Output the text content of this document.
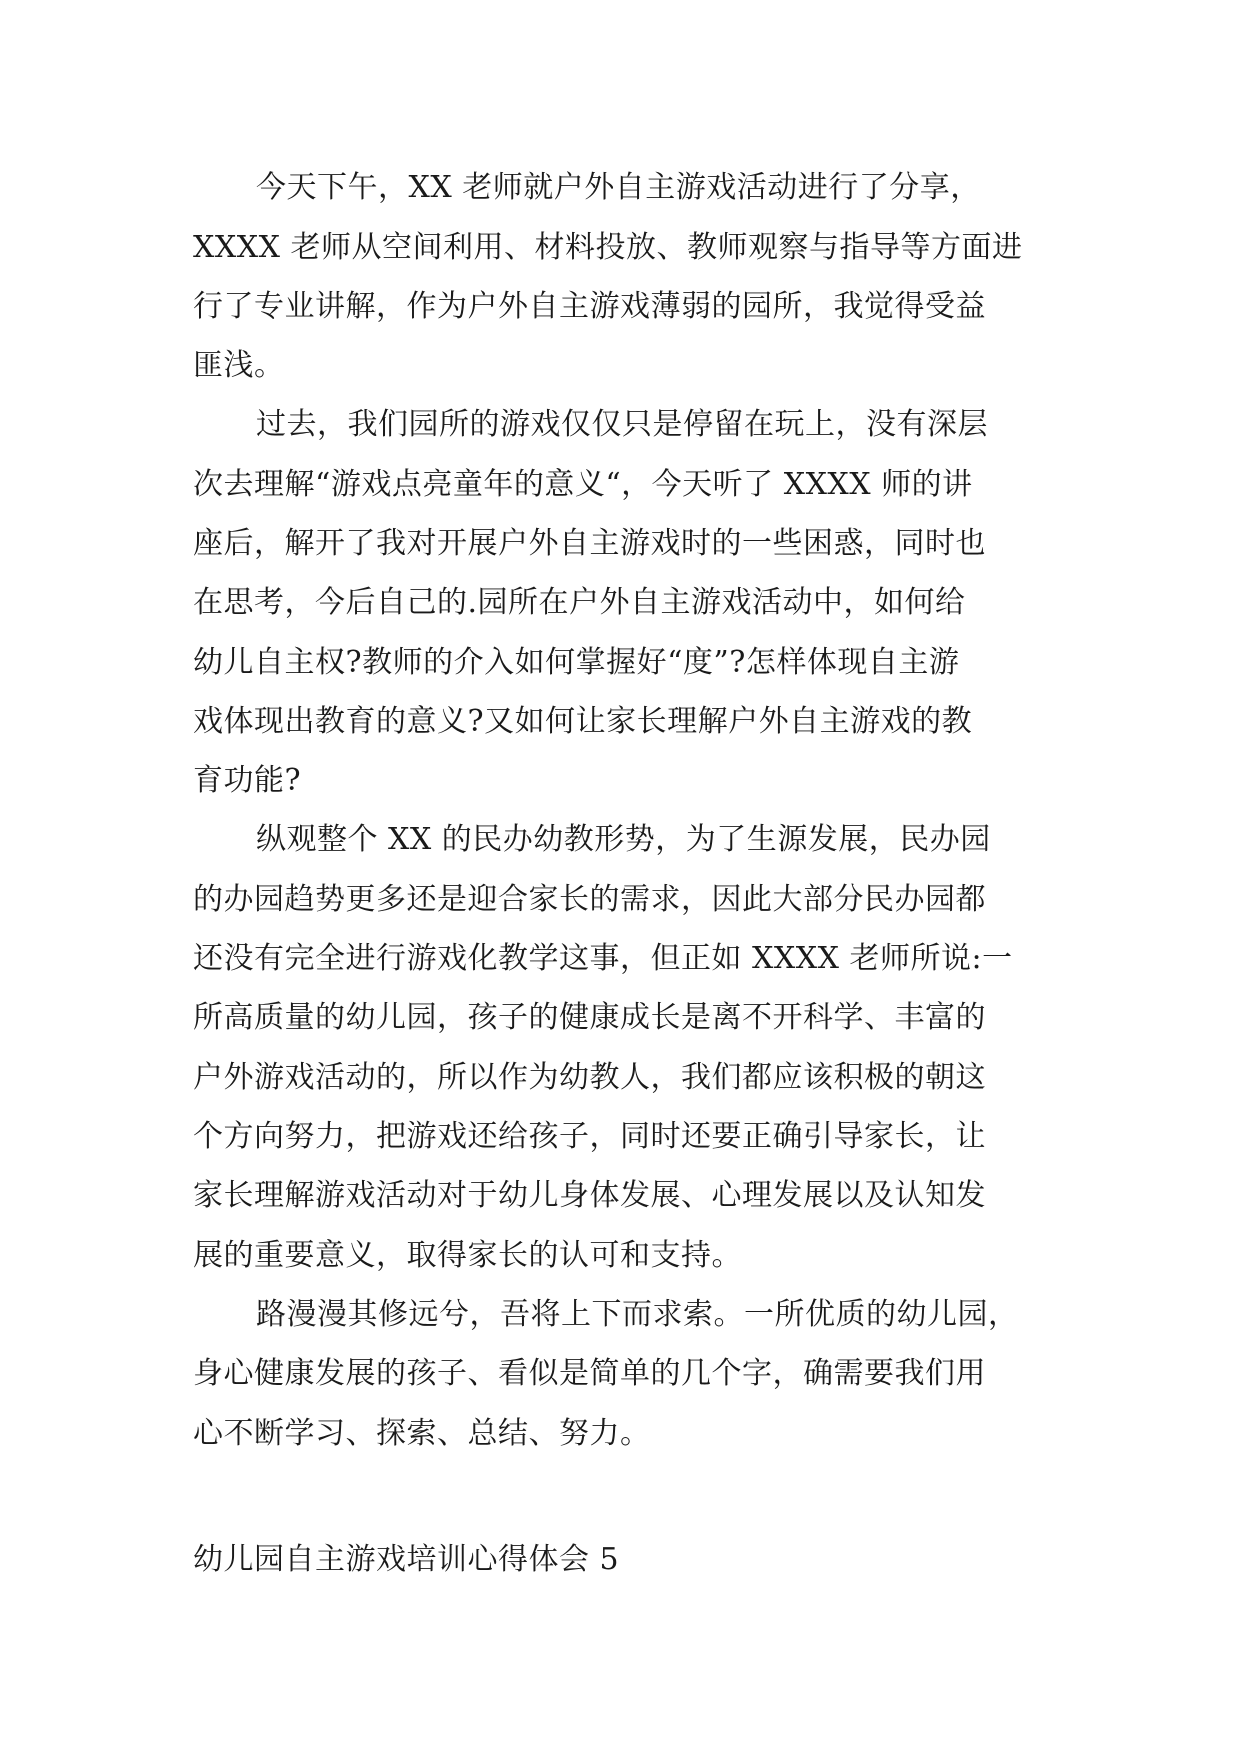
今天下午，XX 老师就户外自主游戏活动进行了分享，
XXXX 老师从空间利用、材料投放、教师观察与指导等方面进
行了专业讲解，作为户外自主游戏薄弱的园所，我觉得受益
匪浅。
过去，我们园所的游戏仅仅只是停留在玩上，没有深层
次去理解“游戏点亮童年的意义“，今天听了 XXXX 师的讲
座后，解开了我对开展户外自主游戏时的一些困惑，同时也
在思考，今后自己的.园所在户外自主游戏活动中，如何给
幼儿自主权?教师的介入如何掌握好“度”?怎样体现自主游
戏体现出教育的意义?又如何让家长理解户外自主游戏的教
育功能?
纵观整个 XX 的民办幼教形势，为了生源发展，民办园
的办园趋势更多还是迎合家长的需求，因此大部分民办园都
还没有完全进行游戏化教学这事，但正如 XXXX 老师所说:一
所高质量的幼儿园，孩子的健康成长是离不开科学、丰富的
户外游戏活动的，所以作为幼教人，我们都应该积极的朝这
个方向努力，把游戏还给孩子，同时还要正确引导家长，让
家长理解游戏活动对于幼儿身体发展、心理发展以及认知发
展的重要意义，取得家长的认可和支持。
路漫漫其修远兮，吾将上下而求索。一所优质的幼儿园，
身心健康发展的孩子、看似是简单的几个字，确需要我们用
心不断学习、探索、总结、努力。
幼儿园自主游戏培训心得体会 5
